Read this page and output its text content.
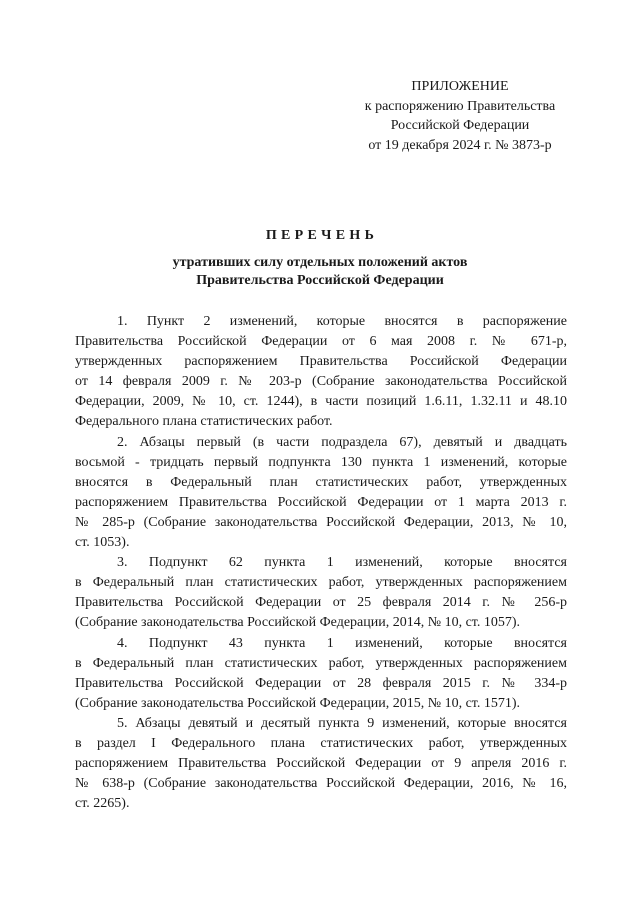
ПРИЛОЖЕНИЕ
к распоряжению Правительства
Российской Федерации
от 19 декабря 2024 г. № 3873-р
ПЕРЕЧЕНЬ
утративших силу отдельных положений актов
Правительства Российской Федерации
1. Пункт 2 изменений, которые вносятся в распоряжение
Правительства Российской Федерации от 6 мая 2008 г. № 671-р,
утвержденных распоряжением Правительства Российской Федерации
от 14 февраля 2009 г. № 203-р (Собрание законодательства Российской
Федерации, 2009, № 10, ст. 1244), в части позиций 1.6.11, 1.32.11 и 48.10
Федерального плана статистических работ.
2. Абзацы первый (в части подраздела 67), девятый и двадцать
восьмой - тридцать первый подпункта 130 пункта 1 изменений, которые
вносятся в Федеральный план статистических работ, утвержденных
распоряжением Правительства Российской Федерации от 1 марта 2013 г.
№ 285-р (Собрание законодательства Российской Федерации, 2013, № 10,
ст. 1053).
3. Подпункт 62 пункта 1 изменений, которые вносятся
в Федеральный план статистических работ, утвержденных распоряжением
Правительства Российской Федерации от 25 февраля 2014 г. № 256-р
(Собрание законодательства Российской Федерации, 2014, № 10, ст. 1057).
4. Подпункт 43 пункта 1 изменений, которые вносятся
в Федеральный план статистических работ, утвержденных распоряжением
Правительства Российской Федерации от 28 февраля 2015 г. № 334-р
(Собрание законодательства Российской Федерации, 2015, № 10, ст. 1571).
5. Абзацы девятый и десятый пункта 9 изменений, которые вносятся
в раздел I Федерального плана статистических работ, утвержденных
распоряжением Правительства Российской Федерации от 9 апреля 2016 г.
№ 638-р (Собрание законодательства Российской Федерации, 2016, № 16,
ст. 2265).
